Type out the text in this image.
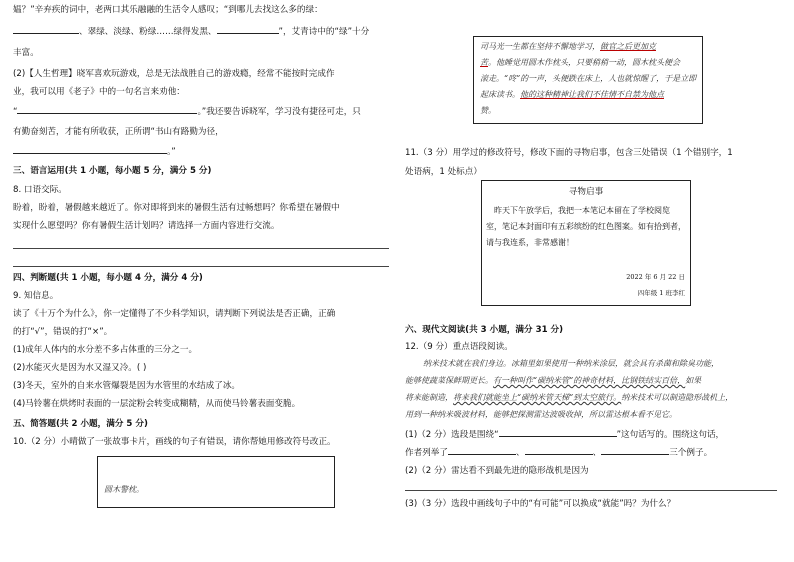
媪？”辛弃疾的词中，老两口其乐融融的生活令人感叹；“到哪儿去找这么多的绿：
、翠绿、淡绿、粉绿……绿得发黑、	”，艾青诗中的“绿”十分
丰富。
(2)【人生哲理】晓军喜欢玩游戏，总是无法战胜自己的游戏瘾，经常不能按时完成作
业，我可以用《老子》中的一句名言来劝他：
“	。”我还要告诉晓军，学习没有捷径可走，只
有勤奋刻苦，才能有所收获，正所谓“书山有路勤为径，
。”
三、语言运用(共 1 小题，每小题 5 分，满分 5 分)
8. 口语交际。
盼着，盼着，暑假越来越近了。你对即将到来的暑假生活有过畅想吗？你希望在暑假中
实现什么愿望吗？你有暑假生活计划吗？请选择一方面内容进行交流。
四、判断题(共 1 小题，每小题 4 分，满分 4 分)
9. 知信息。
读了《十万个为什么》，你一定懂得了不少科学知识，请判断下列说法是否正确，正确
的打“√”，错误的打“×”。
(1)成年人体内的水分差不多占体重的三分之一。
(2)水能灭火是因为水又湿又冷。( )
(3)冬天，室外的自来水管爆裂是因为水管里的水结成了冰。
(4)马铃薯在烘烤时表面的一层淀粉会转变成糊精，从而使马铃薯表面变脆。
五、简答题(共 2 小题，满分 5 分)
10.（2 分）小晴做了一张故事卡片，画线的句子有错误，请你帮她用修改符号改正。
圆木警枕。
司马光一生都在坚持不懈地学习，做官之后更加克
苦。他睡觉用圆木作枕头，只要稍稍一动，圆木枕头便会
滚走。“咚”的一声，头便跌在床上，人也就惊醒了，于是立即
起床读书。他的这种精神让我们不佳情不自禁为他点
赞。
11.（3 分）用学过的修改符号，修改下面的寻物启事，包含三处错误（1 个错别字，1
处语病，1 处标点）
寻物启事
昨天下午放学后，我把一本笔记本留在了学校阅览
室，笔记本封面印有五彩缤纷的红色图案。如有拾到者，
请与我连系，非常感谢！
2022 年 6 月 22 日
四年级 1 班李红
六、现代文阅读(共 3 小题，满分 31 分)
12.（9 分）重点语段阅读。
纳米技术就在我们身边。冰箱里如果使用一种纳米涂层，就会具有杀菌和除臭功能，
能够使蔬菜保鲜期更长。有一种叫作“碳纳米管”的神奇材料，比钢铁结实百倍，如果
将来能制造，将来我们就能坐上“碳纳米管天梯”到太空旅行。纳米技术可以制造隐形战机上，
用到一种纳米吸波材料，能够把探测雷达波吸收掉，所以雷达根本看不见它。
(1)（2 分）选段是围绕“	”这句话写的。围绕这句话，
作者列举了	、	、	三个例子。
(2)（2 分）雷达看不到最先进的隐形战机是因为
(3)（3 分）选段中画线句子中的“有可能”可以换成“就能”吗？为什么？
